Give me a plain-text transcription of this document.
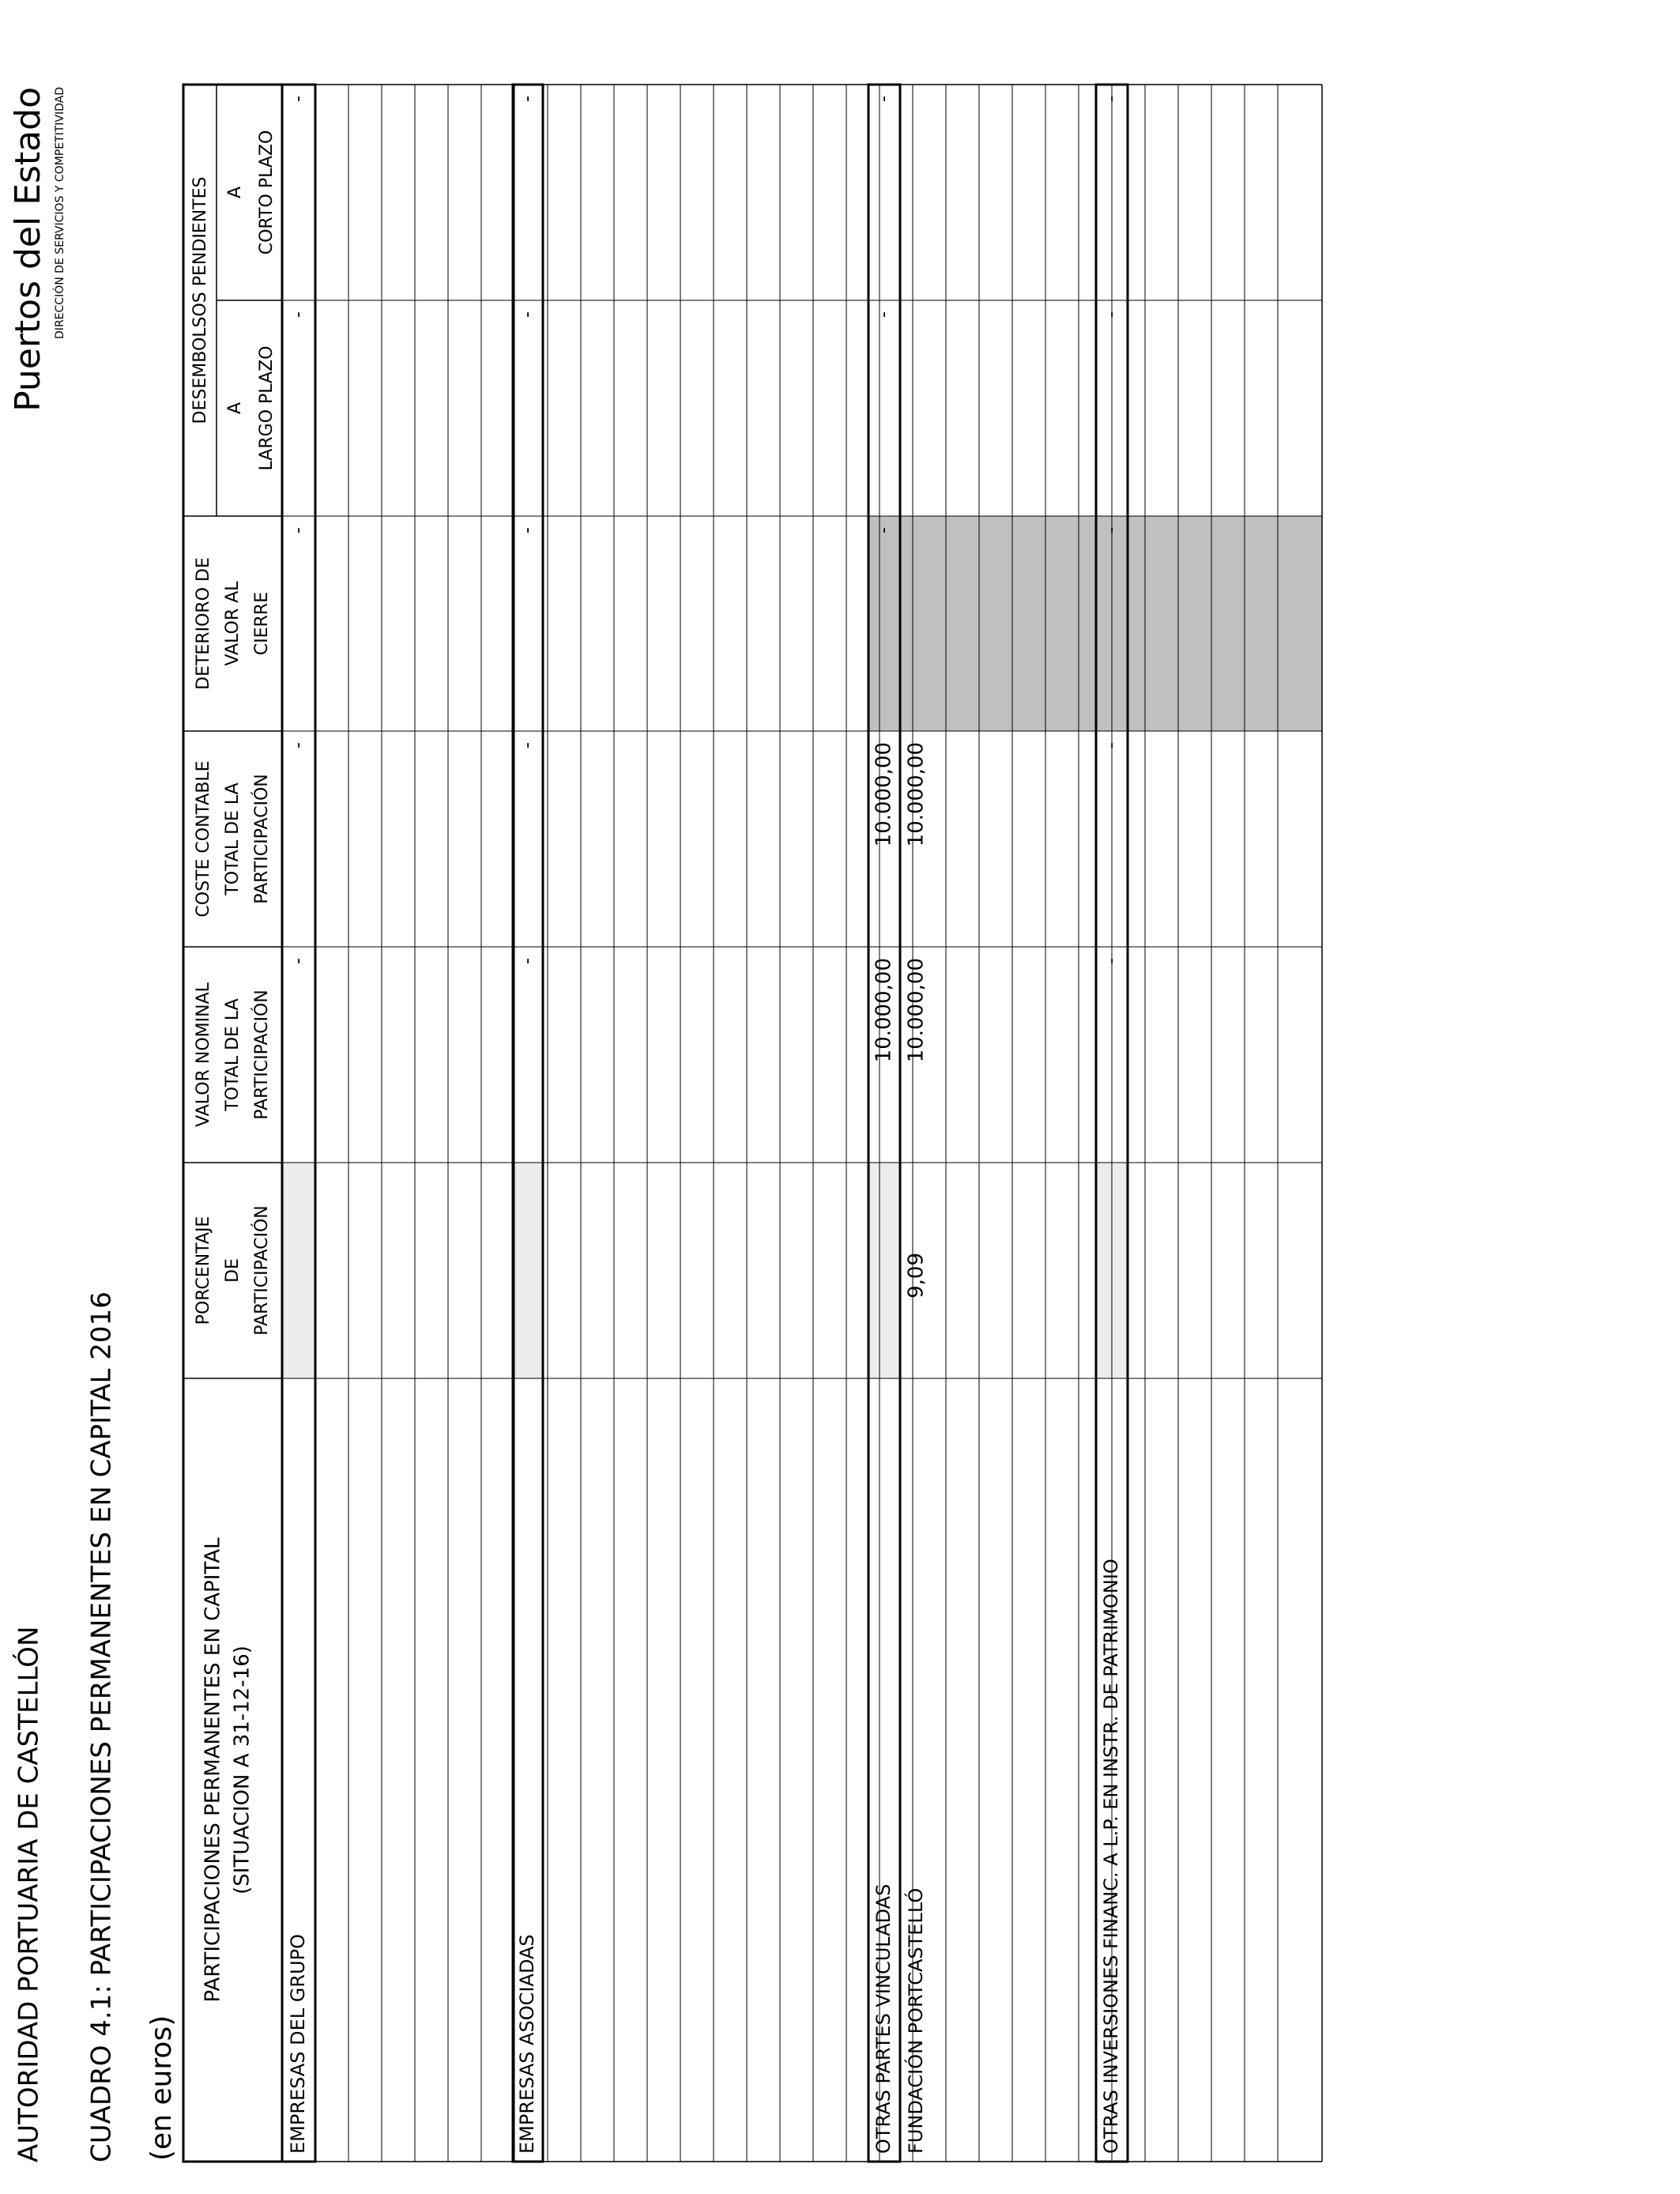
AUTORIDAD PORTUARIA DE CASTELLÓN CUADRO 4.1: PARTICIPACIONES PERMANENTES EN CAPITAL 2016 (en euros)
Puertos del Estado DIRECCIÓN DE SERVICIOS Y COMPETITIVIDAD
PARTICIPACIONES PERMANENTES EN CAPITAL (SITUACION A 31-12-16)
PORCENTAJE DE PARTICIPACIÓN
VALOR NOMINAL TOTAL DE LA PARTICIPACIÓN
COSTE CONTABLE TOTAL DE LA PARTICIPACIÓN
DETERIORO DE VALOR AL CIERRE
DESEMBOLSOS PENDIENTES A LARGO PLAZO
A CORTO PLAZO
EMPRESAS DEL GRUPO
-
-
-
-
-
EMPRESAS ASOCIADAS
-
-
-
-
-
OTRAS PARTES VINCULADAS
10.000,00
10.000,00
-
-
-
OTRAS INVERSIONES FINANC. A L.P. EN INSTR. DE PATRIMONIO
-
-
-
-
-
FUNDACIÓN PORTCASTELLÓ
9,09
10.000,00
10.000,00
